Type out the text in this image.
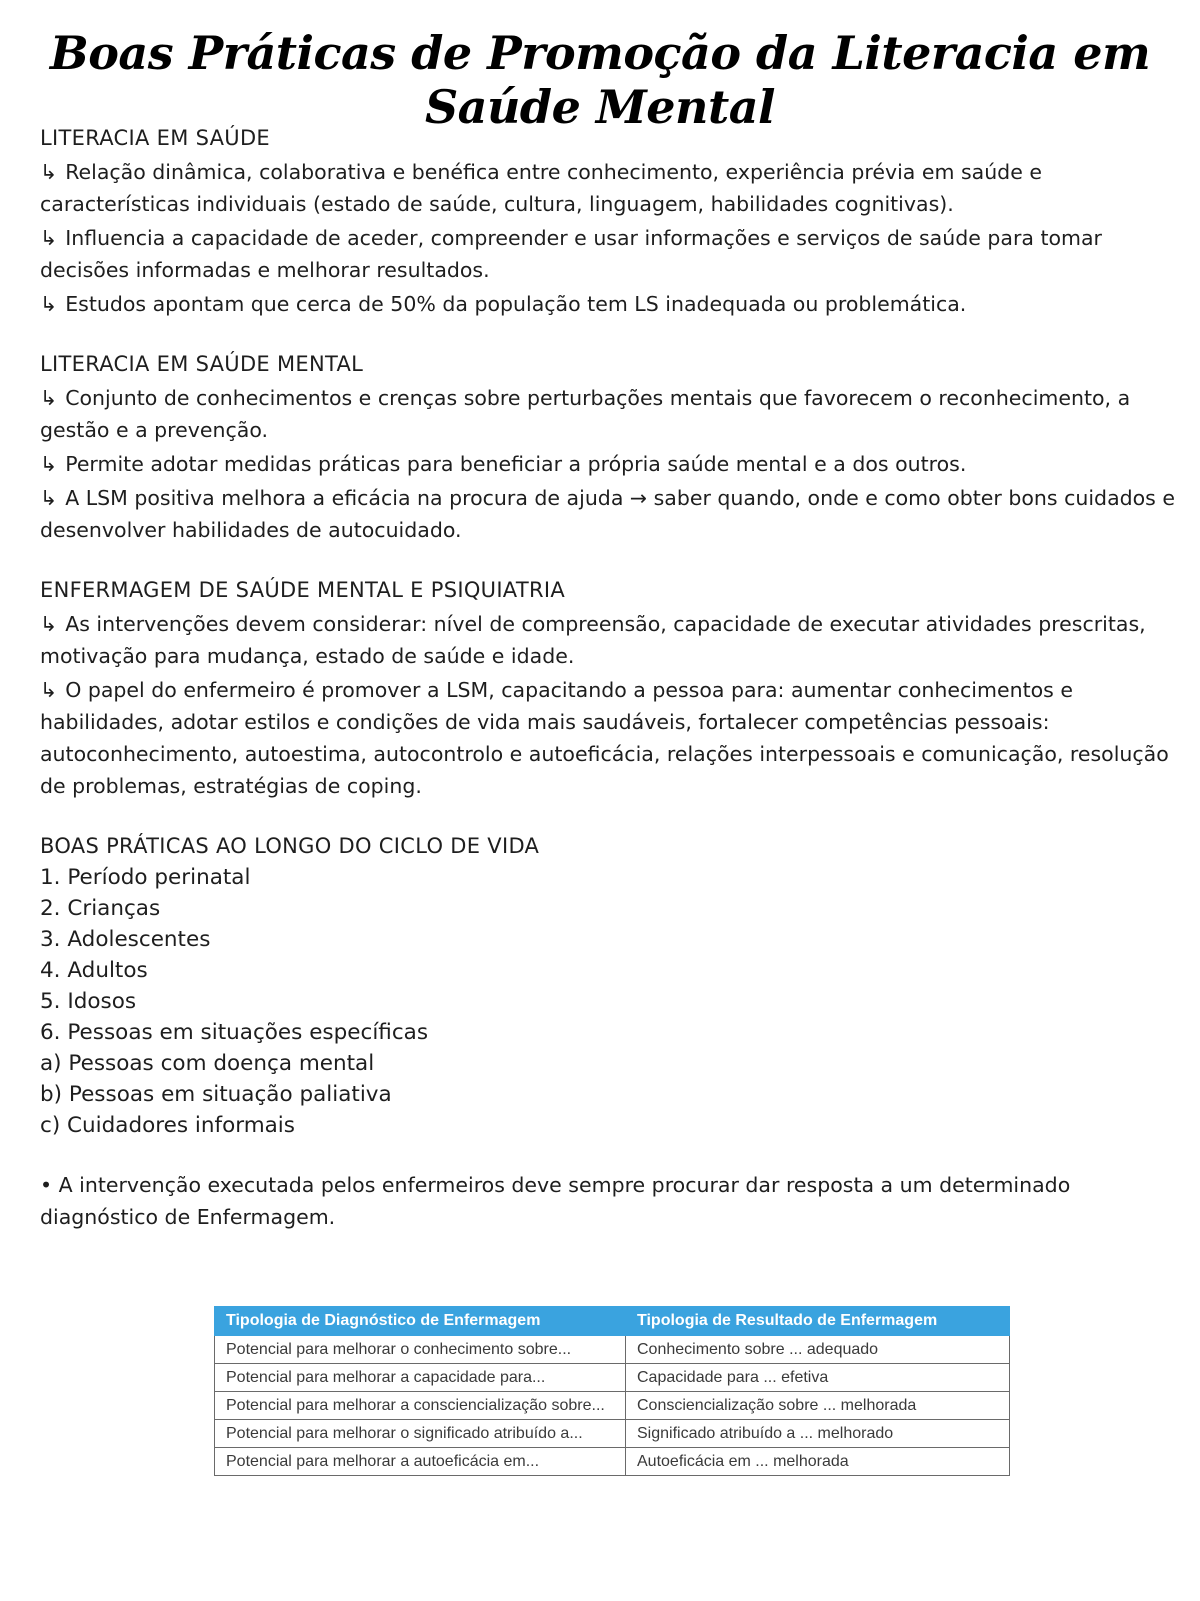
Boas Práticas de Promoção da Literacia em Saúde Mental

LITERACIA EM SAÚDE

↳ Relação dinâmica, colaborativa e benéfica entre conhecimento, experiência prévia em saúde e características individuais (estado de saúde, cultura, linguagem, habilidades cognitivas).

↳ Influencia a capacidade de aceder, compreender e usar informações e serviços de saúde para tomar decisões informadas e melhorar resultados.

↳ Estudos apontam que cerca de 50% da população tem LS inadequada ou problemática.

LITERACIA EM SAÚDE MENTAL

↳ Conjunto de conhecimentos e crenças sobre perturbações mentais que favorecem o reconhecimento, a gestão e a prevenção.

↳ Permite adotar medidas práticas para beneficiar a própria saúde mental e a dos outros.

↳ A LSM positiva melhora a eficácia na procura de ajuda → saber quando, onde e como obter bons cuidados e desenvolver habilidades de autocuidado.

ENFERMAGEM DE SAÚDE MENTAL E PSIQUIATRIA

↳ As intervenções devem considerar: nível de compreensão, capacidade de executar atividades prescritas, motivação para mudança, estado de saúde e idade.

↳ O papel do enfermeiro é promover a LSM, capacitando a pessoa para: aumentar conhecimentos e habilidades, adotar estilos e condições de vida mais saudáveis, fortalecer competências pessoais: autoconhecimento, autoestima, autocontrolo e autoeficácia, relações interpessoais e comunicação, resolução de problemas, estratégias de coping.

BOAS PRÁTICAS AO LONGO DO CICLO DE VIDA

1. Período perinatal

2. Crianças

3. Adolescentes

4. Adultos

5. Idosos

6. Pessoas em situações específicas

a) Pessoas com doença mental

b) Pessoas em situação paliativa

c) Cuidadores informais

• A intervenção executada pelos enfermeiros deve sempre procurar dar resposta a um determinado diagnóstico de Enfermagem.

Tipologia de Diagnóstico de Enfermagem	Tipologia de Resultado de Enfermagem
Potencial para melhorar o conhecimento sobre...	Conhecimento sobre ... adequado
Potencial para melhorar a capacidade para...	Capacidade para ... efetiva
Potencial para melhorar a consciencialização sobre...	Consciencialização sobre ... melhorada
Potencial para melhorar o significado atribuído a...	Significado atribuído a ... melhorado
Potencial para melhorar a autoeficácia em...	Autoeficácia em ... melhorada
